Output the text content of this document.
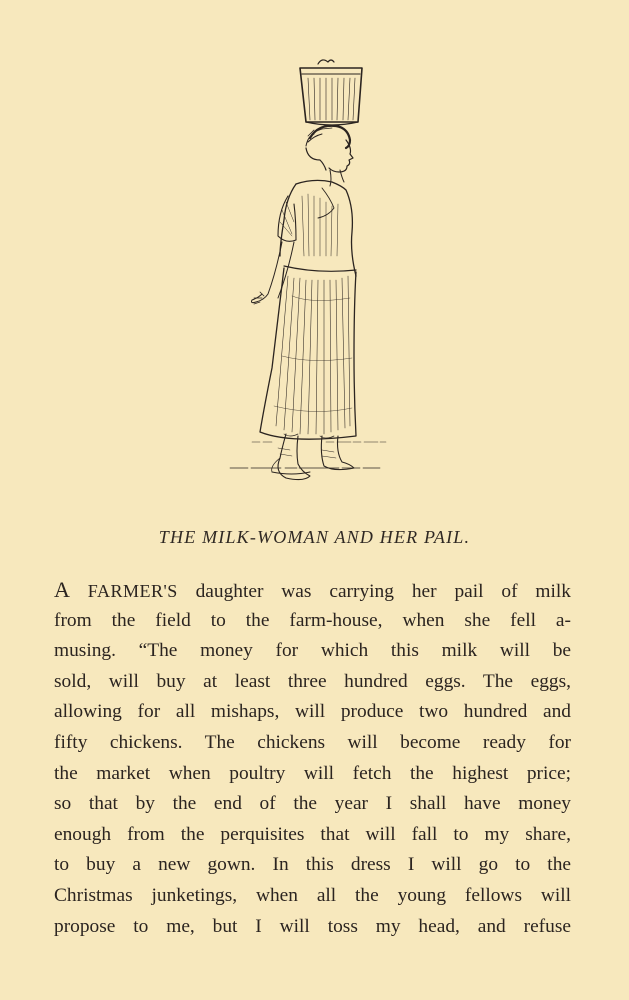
THE MILK-WOMAN AND HER PAIL.
A FARMER'S daughter was carrying her pail of milk
from the field to the farm-house, when she fell a-
musing. “The money for which this milk will be
sold, will buy at least three hundred eggs. The eggs,
allowing for all mishaps, will produce two hundred and
fifty chickens. The chickens will become ready for
the market when poultry will fetch the highest price;
so that by the end of the year I shall have money
enough from the perquisites that will fall to my share,
to buy a new gown. In this dress I will go to the
Christmas junketings, when all the young fellows will
propose to me, but I will toss my head, and refuse
